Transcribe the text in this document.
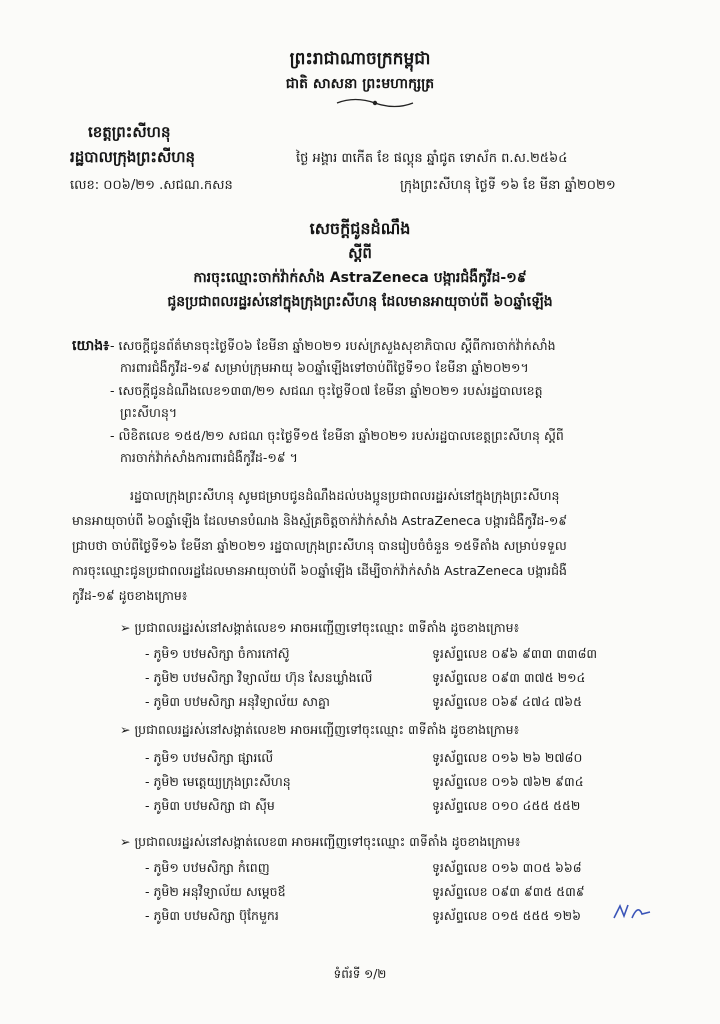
ព្រះរាជាណាចក្រកម្ពុជា
ជាតិ សាសនា ព្រះមហាក្សត្រ
ខេត្តព្រះសីហនុ
រដ្ឋបាលក្រុងព្រះសីហនុ
លេខ: ០០៦/២១ .សជណ.កសន
ថ្ងៃ អង្គារ ៣កើត ខែ ផល្គុន ឆ្នាំជូត ទោស័ក ព.ស.២៥៦៤
ក្រុងព្រះសីហនុ ថ្ងៃទី ១៦ ខែ មីនា ឆ្នាំ២០២១
សេចក្តីជូនដំណឹង
ស្តីពី
ការចុះឈ្មោះចាក់វ៉ាក់សាំង AstraZeneca បង្ការជំងឺកូវីដ-១៩
ជូនប្រជាពលរដ្ឋរស់នៅក្នុងក្រុងព្រះសីហនុ ដែលមានអាយុចាប់ពី ៦០ឆ្នាំឡើង
យោង៖ - សេចក្តីជូនព័ត៌មានចុះថ្ងៃទី០៦ ខែមីនា ឆ្នាំ២០២១ របស់ក្រសួងសុខាភិបាល ស្តីពីការចាក់វ៉ាក់សាំង
ការពារជំងឺកូវីដ-១៩ សម្រាប់ក្រុមអាយុ ៦០ឆ្នាំឡើងទៅចាប់ពីថ្ងៃទី១០ ខែមីនា ឆ្នាំ២០២១។
- សេចក្តីជូនដំណឹងលេខ១៣៣/២១ សជណ ចុះថ្ងៃទី០៧ ខែមីនា ឆ្នាំ២០២១ របស់រដ្ឋបាលខេត្ត
ព្រះសីហនុ។
- លិខិតលេខ ១៥៥/២១ សជណ ចុះថ្ងៃទី១៥ ខែមីនា ឆ្នាំ២០២១ របស់រដ្ឋបាលខេត្តព្រះសីហនុ ស្តីពី
ការចាក់វ៉ាក់សាំងការពារជំងឺកូវីដ-១៩ ។
រដ្ឋបាលក្រុងព្រះសីហនុ សូមជម្រាបជូនដំណឹងដល់បងប្អូនប្រជាពលរដ្ឋរស់នៅក្នុងក្រុងព្រះសីហនុ
មានអាយុចាប់ពី ៦០ឆ្នាំឡើង ដែលមានបំណង និងស្ម័គ្រចិត្តចាក់វ៉ាក់សាំង AstraZeneca បង្ការជំងឺកូវីដ-១៩
ជ្រាបថា ចាប់ពីថ្ងៃទី១៦ ខែមីនា ឆ្នាំ២០២១ រដ្ឋបាលក្រុងព្រះសីហនុ បានរៀបចំចំនួន ១៥ទីតាំង សម្រាប់ទទួល
ការចុះឈ្មោះជូនប្រជាពលរដ្ឋដែលមានអាយុចាប់ពី ៦០ឆ្នាំឡើង ដើម្បីចាក់វ៉ាក់សាំង AstraZeneca បង្ការជំងឺ
កូវីដ-១៩ ដូចខាងក្រោម៖
➢ ប្រជាពលរដ្ឋរស់នៅសង្កាត់លេខ១ អាចអញ្ជើញទៅចុះឈ្មោះ ៣ទីតាំង ដូចខាងក្រោម៖
- ភូមិ១ បឋមសិក្សា ចំការកៅស៊ូ	ទូរស័ព្ទលេខ ០៩៦ ៩៣៣ ៣៣៨៣
- ភូមិ២ បឋមសិក្សា វិទ្យាល័យ ហ៊ុន សែនឃ្លាំងលើ	ទូរស័ព្ទលេខ ០៩៣ ៣៧៥ ២១៤
- ភូមិ៣ បឋមសិក្សា អនុវិទ្យាល័យ សាគ្នា	ទូរស័ព្ទលេខ ០៦៩ ៤៧៤ ៧៦៥
➢ ប្រជាពលរដ្ឋរស់នៅសង្កាត់លេខ២ អាចអញ្ជើញទៅចុះឈ្មោះ ៣ទីតាំង ដូចខាងក្រោម៖
- ភូមិ១ បឋមសិក្សា ផ្សារលើ	ទូរស័ព្ទលេខ ០១៦ ២៦ ២៧៨០
- ភូមិ២ មេត្តេយ្យក្រុងព្រះសីហនុ	ទូរស័ព្ទលេខ ០១៦ ៧៦២ ៩៣៤
- ភូមិ៣ បឋមសិក្សា ជា ស៊ីម	ទូរស័ព្ទលេខ ០១០ ៤៥៥ ៥៥២
➢ ប្រជាពលរដ្ឋរស់នៅសង្កាត់លេខ៣ អាចអញ្ជើញទៅចុះឈ្មោះ ៣ទីតាំង ដូចខាងក្រោម៖
- ភូមិ១ បឋមសិក្សា កំពេញ	ទូរស័ព្ទលេខ ០១៦ ៣០៥ ៦៦៨
- ភូមិ២ អនុវិទ្យាល័យ សម្តេចឪ	ទូរស័ព្ទលេខ ០៩៣ ៩៣៥ ៥៣៩
- ភូមិ៣ បឋមសិក្សា ប៊ុកែមួករ	ទូរស័ព្ទលេខ ០១៥ ៥៥៥ ១២៦
ទំព័រទី ១/២
